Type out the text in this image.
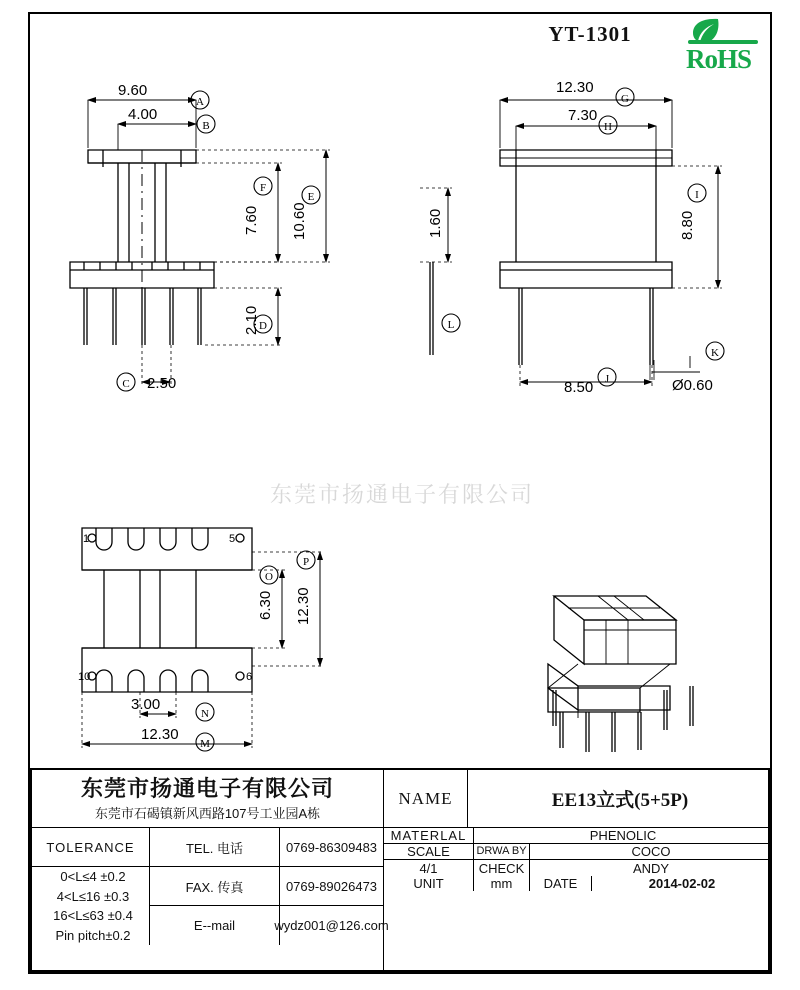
YT-1301
RoHS
东莞市扬通电子有限公司
9.60
4.00
7.60 10.60
2.10
2.50
12.30
7.30
8.80
1.60
8.50	Ø0.60
6.30 12.30
3.00
12.30
A
B
F
E
D
C
G
H
I
L
J
K
O
P
N
M
1	5
10	6
东莞市扬通电子有限公司
东莞市石碣镇新风西路107号工业园A栋
NAME	EE13立式(5+5P)
TEL. 电话	0769-86309483
TOLERANCE
FAX. 传真	0769-89026473
0<L≤4 ±0.2
4<L≤16 ±0.3
16<L≤63 ±0.4
Pin pitch±0.2
E--mail	wydz001@126.com
MATERLAL	PHENOLIC
SCALE	DRWA BY	COCO
4/1	CHECK	ANDY
UNIT	mm	DATE	2014-02-02
